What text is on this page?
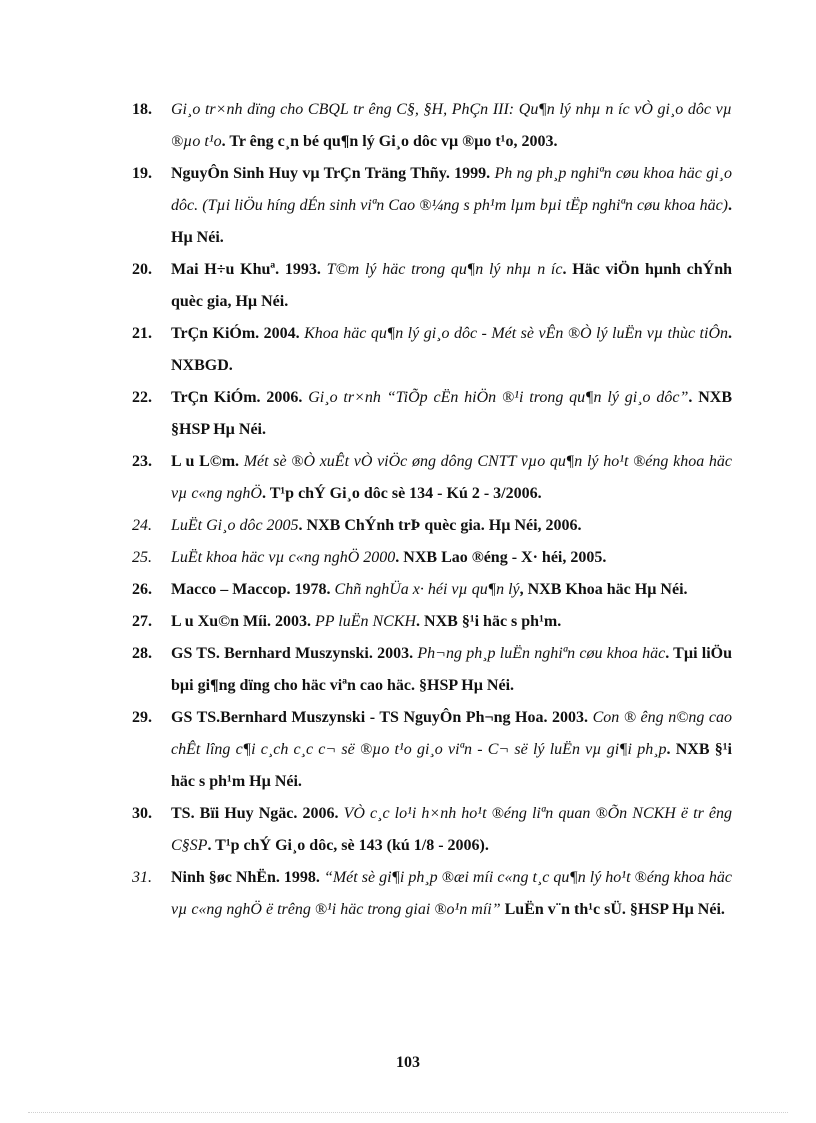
18.	Gi¸o tr×nh dïng cho CBQL tr êng C§, §H, PhÇn III: Qu¶n lý nhµ n íc vÒ gi¸o dôc vµ ®µo t¹o. Tr êng c¸n bé qu¶n lý Gi¸o dôc vµ ®µo t¹o, 2003.
19.	NguyÔn Sinh Huy vµ TrÇn Träng Thñy. 1999. Ph ng ph¸p nghiªn cøu khoa häc gi¸o dôc. (Tµi liÖu híng dÉn sinh viªn Cao ®¼ng s ph¹m lµm bµi tËp nghiªn cøu khoa häc). Hµ Néi.
20.	Mai H÷u Khuª. 1993. T©m lý häc trong qu¶n lý nhµ n íc. Häc viÖn hµnh chÝnh quèc gia, Hµ Néi.
21.	TrÇn KiÓm. 2004. Khoa häc qu¶n lý gi¸o dôc - Mét sè vÊn ®Ò lý luËn vµ thùc tiÔn. NXBGD.
22.	TrÇn KiÓm. 2006. Gi¸o tr×nh “TiÕp cËn hiÖn ®¹i trong qu¶n lý gi¸o dôc”. NXB §HSP Hµ Néi.
23.	L u L©m. Mét sè ®Ò xuÊt vÒ viÖc øng dông CNTT vµo qu¶n lý ho¹t ®éng khoa häc vµ c«ng nghÖ. T¹p chÝ Gi¸o dôc sè 134 - Kú 2 - 3/2006.
24.	LuËt Gi¸o dôc 2005. NXB ChÝnh trÞ quèc gia. Hµ Néi, 2006.
25.	LuËt khoa häc vµ c«ng nghÖ 2000. NXB Lao ®éng - X· héi, 2005.
26.	Macco – Maccop. 1978. Chñ nghÜa x· héi vµ qu¶n lý, NXB Khoa häc Hµ Néi.
27.	L u Xu©n Míi. 2003. PP luËn NCKH. NXB §¹i häc s ph¹m.
28.	GS TS. Bernhard Muszynski. 2003. Ph¬ng ph¸p luËn nghiªn cøu khoa häc. Tµi liÖu bµi gi¶ng dïng cho häc viªn cao häc. §HSP Hµ Néi.
29.	GS TS.Bernhard Muszynski - TS NguyÔn Ph¬ng Hoa. 2003. Con ® êng n©ng cao chÊt lîng c¶i c¸ch c¸c c¬ së ®µo t¹o gi¸o viªn - C¬ së lý luËn vµ gi¶i ph¸p. NXB §¹i häc s ph¹m Hµ Néi.
30.	TS. Bïi Huy Ngäc. 2006. VÒ c¸c lo¹i h×nh ho¹t ®éng liªn quan ®Õn NCKH ë tr êng C§SP. T¹p chÝ Gi¸o dôc, sè 143 (kú 1/8 - 2006).
31.	Ninh §øc NhËn. 1998. “Mét sè gi¶i ph¸p ®æi míi c«ng t¸c qu¶n lý ho¹t ®éng khoa häc vµ c«ng nghÖ ë trêng ®¹i häc trong giai ®o¹n míi” LuËn v¨n th¹c sÜ. §HSP Hµ Néi.
103
